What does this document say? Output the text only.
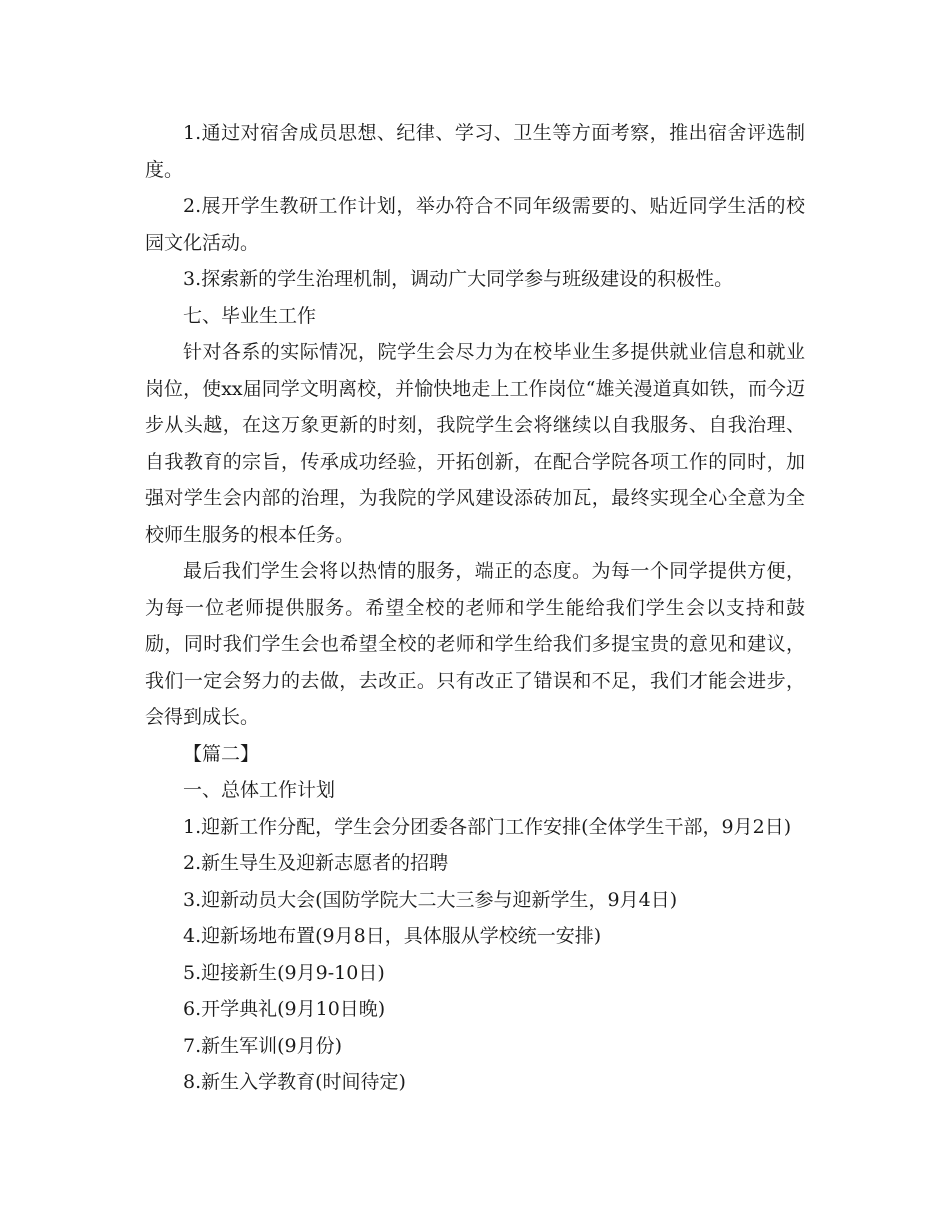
1.通过对宿舍成员思想、纪律、学习、卫生等方面考察，推出宿舍评选制度。

2.展开学生教研工作计划，举办符合不同年级需要的、贴近同学生活的校园文化活动。

3.探索新的学生治理机制，调动广大同学参与班级建设的积极性。

七、毕业生工作

针对各系的实际情况，院学生会尽力为在校毕业生多提供就业信息和就业岗位，使xx届同学文明离校，并愉快地走上工作岗位“雄关漫道真如铁，而今迈步从头越，在这万象更新的时刻，我院学生会将继续以自我服务、自我治理、自我教育的宗旨，传承成功经验，开拓创新，在配合学院各项工作的同时，加强对学生会内部的治理，为我院的学风建设添砖加瓦，最终实现全心全意为全校师生服务的根本任务。

最后我们学生会将以热情的服务，端正的态度。为每一个同学提供方便，为每一位老师提供服务。希望全校的老师和学生能给我们学生会以支持和鼓励，同时我们学生会也希望全校的老师和学生给我们多提宝贵的意见和建议，我们一定会努力的去做，去改正。只有改正了错误和不足，我们才能会进步，会得到成长。

【篇二】

一、总体工作计划

1.迎新工作分配，学生会分团委各部门工作安排(全体学生干部，9月2日)

2.新生导生及迎新志愿者的招聘

3.迎新动员大会(国防学院大二大三参与迎新学生，9月4日)

4.迎新场地布置(9月8日，具体服从学校统一安排)

5.迎接新生(9月9-10日)

6.开学典礼(9月10日晚)

7.新生军训(9月份)

8.新生入学教育(时间待定)
